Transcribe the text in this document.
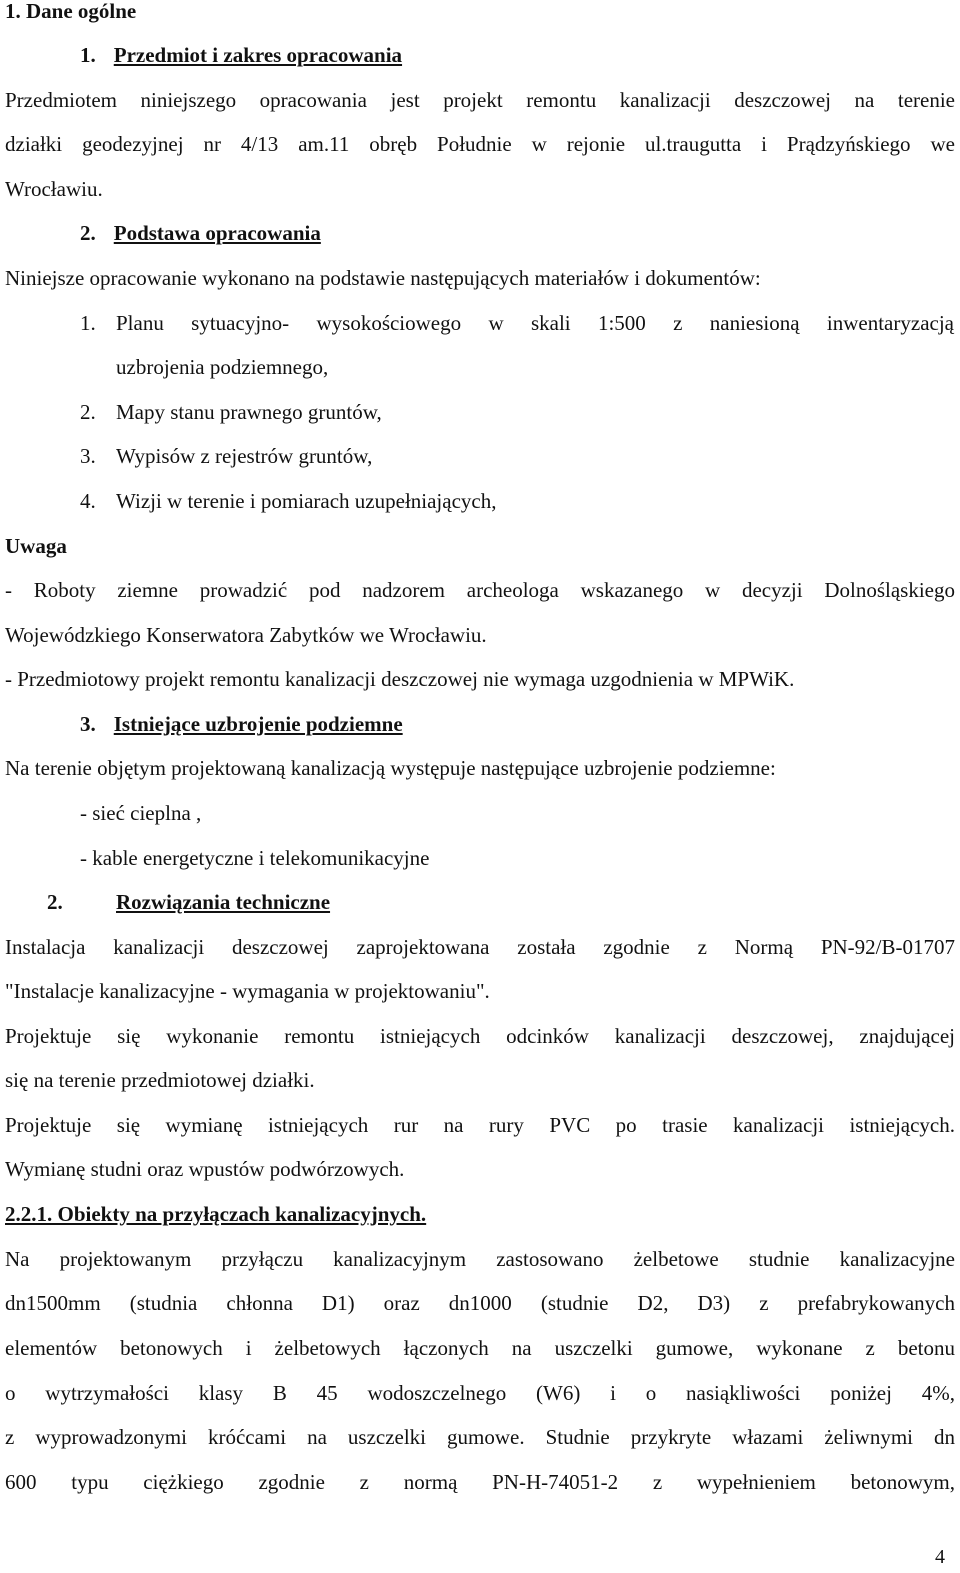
1. Dane ogólne
1. Przedmiot i zakres opracowania
Przedmiotem niniejszego opracowania jest projekt remontu kanalizacji deszczowej na terenie
działki geodezyjnej nr 4/13 am.11 obręb Południe w rejonie ul.traugutta i Prądzyńskiego we
Wrocławiu.
2. Podstawa opracowania
Niniejsze opracowanie wykonano na podstawie następujących materiałów i dokumentów:
1. Planu sytuacyjno- wysokościowego w skali 1:500 z naniesioną inwentaryzacją
uzbrojenia podziemnego,
2. Mapy stanu prawnego gruntów,
3. Wypisów z rejestrów gruntów,
4. Wizji w terenie i pomiarach uzupełniających,
Uwaga
- Roboty ziemne prowadzić pod nadzorem archeologa wskazanego w decyzji Dolnośląskiego
Wojewódzkiego Konserwatora Zabytków we Wrocławiu.
- Przedmiotowy projekt remontu kanalizacji deszczowej nie wymaga uzgodnienia w MPWiK.
3. Istniejące uzbrojenie podziemne
Na terenie objętym projektowaną kanalizacją występuje następujące uzbrojenie podziemne:
- sieć cieplna ,
- kable energetyczne i telekomunikacyjne
2.	Rozwiązania techniczne
Instalacja kanalizacji deszczowej zaprojektowana została zgodnie z Normą PN-92/B-01707
"Instalacje kanalizacyjne - wymagania w projektowaniu".
Projektuje się wykonanie remontu istniejących odcinków kanalizacji deszczowej, znajdującej
się na terenie przedmiotowej działki.
Projektuje się wymianę istniejących rur na rury PVC po trasie kanalizacji istniejących.
Wymianę studni oraz wpustów podwórzowych.
2.2.1. Obiekty na przyłączach kanalizacyjnych.
Na projektowanym przyłączu kanalizacyjnym zastosowano żelbetowe studnie kanalizacyjne
dn1500mm (studnia chłonna D1) oraz dn1000 (studnie D2, D3) z prefabrykowanych
elementów betonowych i żelbetowych łączonych na uszczelki gumowe, wykonane z betonu
o wytrzymałości klasy B 45 wodoszczelnego (W6) i o nasiąkliwości poniżej 4%,
z wyprowadzonymi króćcami na uszczelki gumowe. Studnie przykryte włazami żeliwnymi dn
600 typu ciężkiego zgodnie z normą PN-H-74051-2 z wypełnieniem betonowym,
4
